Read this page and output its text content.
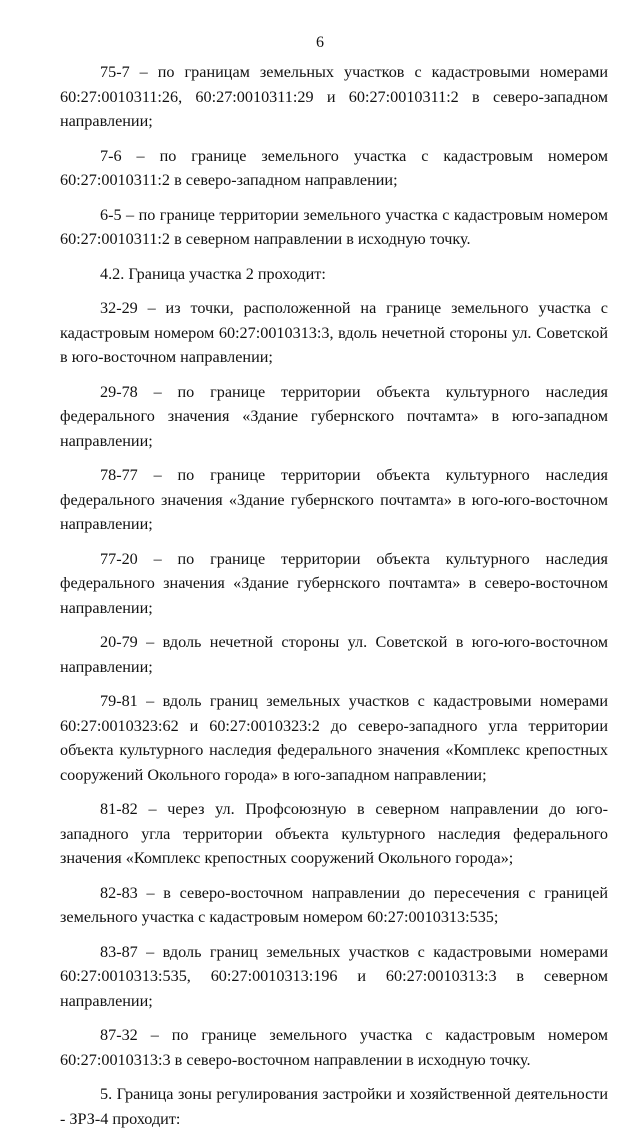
6

75-7 – по границам земельных участков с кадастровыми номерами 60:27:0010311:26, 60:27:0010311:29 и 60:27:0010311:2 в северо-западном направлении;

7-6 – по границе земельного участка с кадастровым номером 60:27:0010311:2 в северо-западном направлении;

6-5 – по границе территории земельного участка с кадастровым номером 60:27:0010311:2 в северном направлении в исходную точку.

4.2. Граница участка 2 проходит:

32-29 – из точки, расположенной на границе земельного участка с кадастровым номером 60:27:0010313:3, вдоль нечетной стороны ул. Советской в юго-восточном направлении;

29-78 – по границе территории объекта культурного наследия федерального значения «Здание губернского почтамта» в юго-западном направлении;

78-77 – по границе территории объекта культурного наследия федерального значения «Здание губернского почтамта» в юго-юго-восточном направлении;

77-20 – по границе территории объекта культурного наследия федерального значения «Здание губернского почтамта» в северо-восточном направлении;

20-79 – вдоль нечетной стороны ул. Советской в юго-юго-восточном направлении;

79-81 – вдоль границ земельных участков с кадастровыми номерами 60:27:0010323:62 и 60:27:0010323:2 до северо-западного угла территории объекта культурного наследия федерального значения «Комплекс крепостных сооружений Окольного города» в юго-западном направлении;

81-82 – через ул. Профсоюзную в северном направлении до юго-западного угла территории объекта культурного наследия федерального значения «Комплекс крепостных сооружений Окольного города»;

82-83 – в северо-восточном направлении до пересечения с границей земельного участка с кадастровым номером 60:27:0010313:535;

83-87 – вдоль границ земельных участков с кадастровыми номерами 60:27:0010313:535, 60:27:0010313:196 и 60:27:0010313:3 в северном направлении;

87-32 – по границе земельного участка с кадастровым номером 60:27:0010313:3 в северо-восточном направлении в исходную точку.

5. Граница зоны регулирования застройки и хозяйственной деятельности - ЗРЗ-4 проходит:
